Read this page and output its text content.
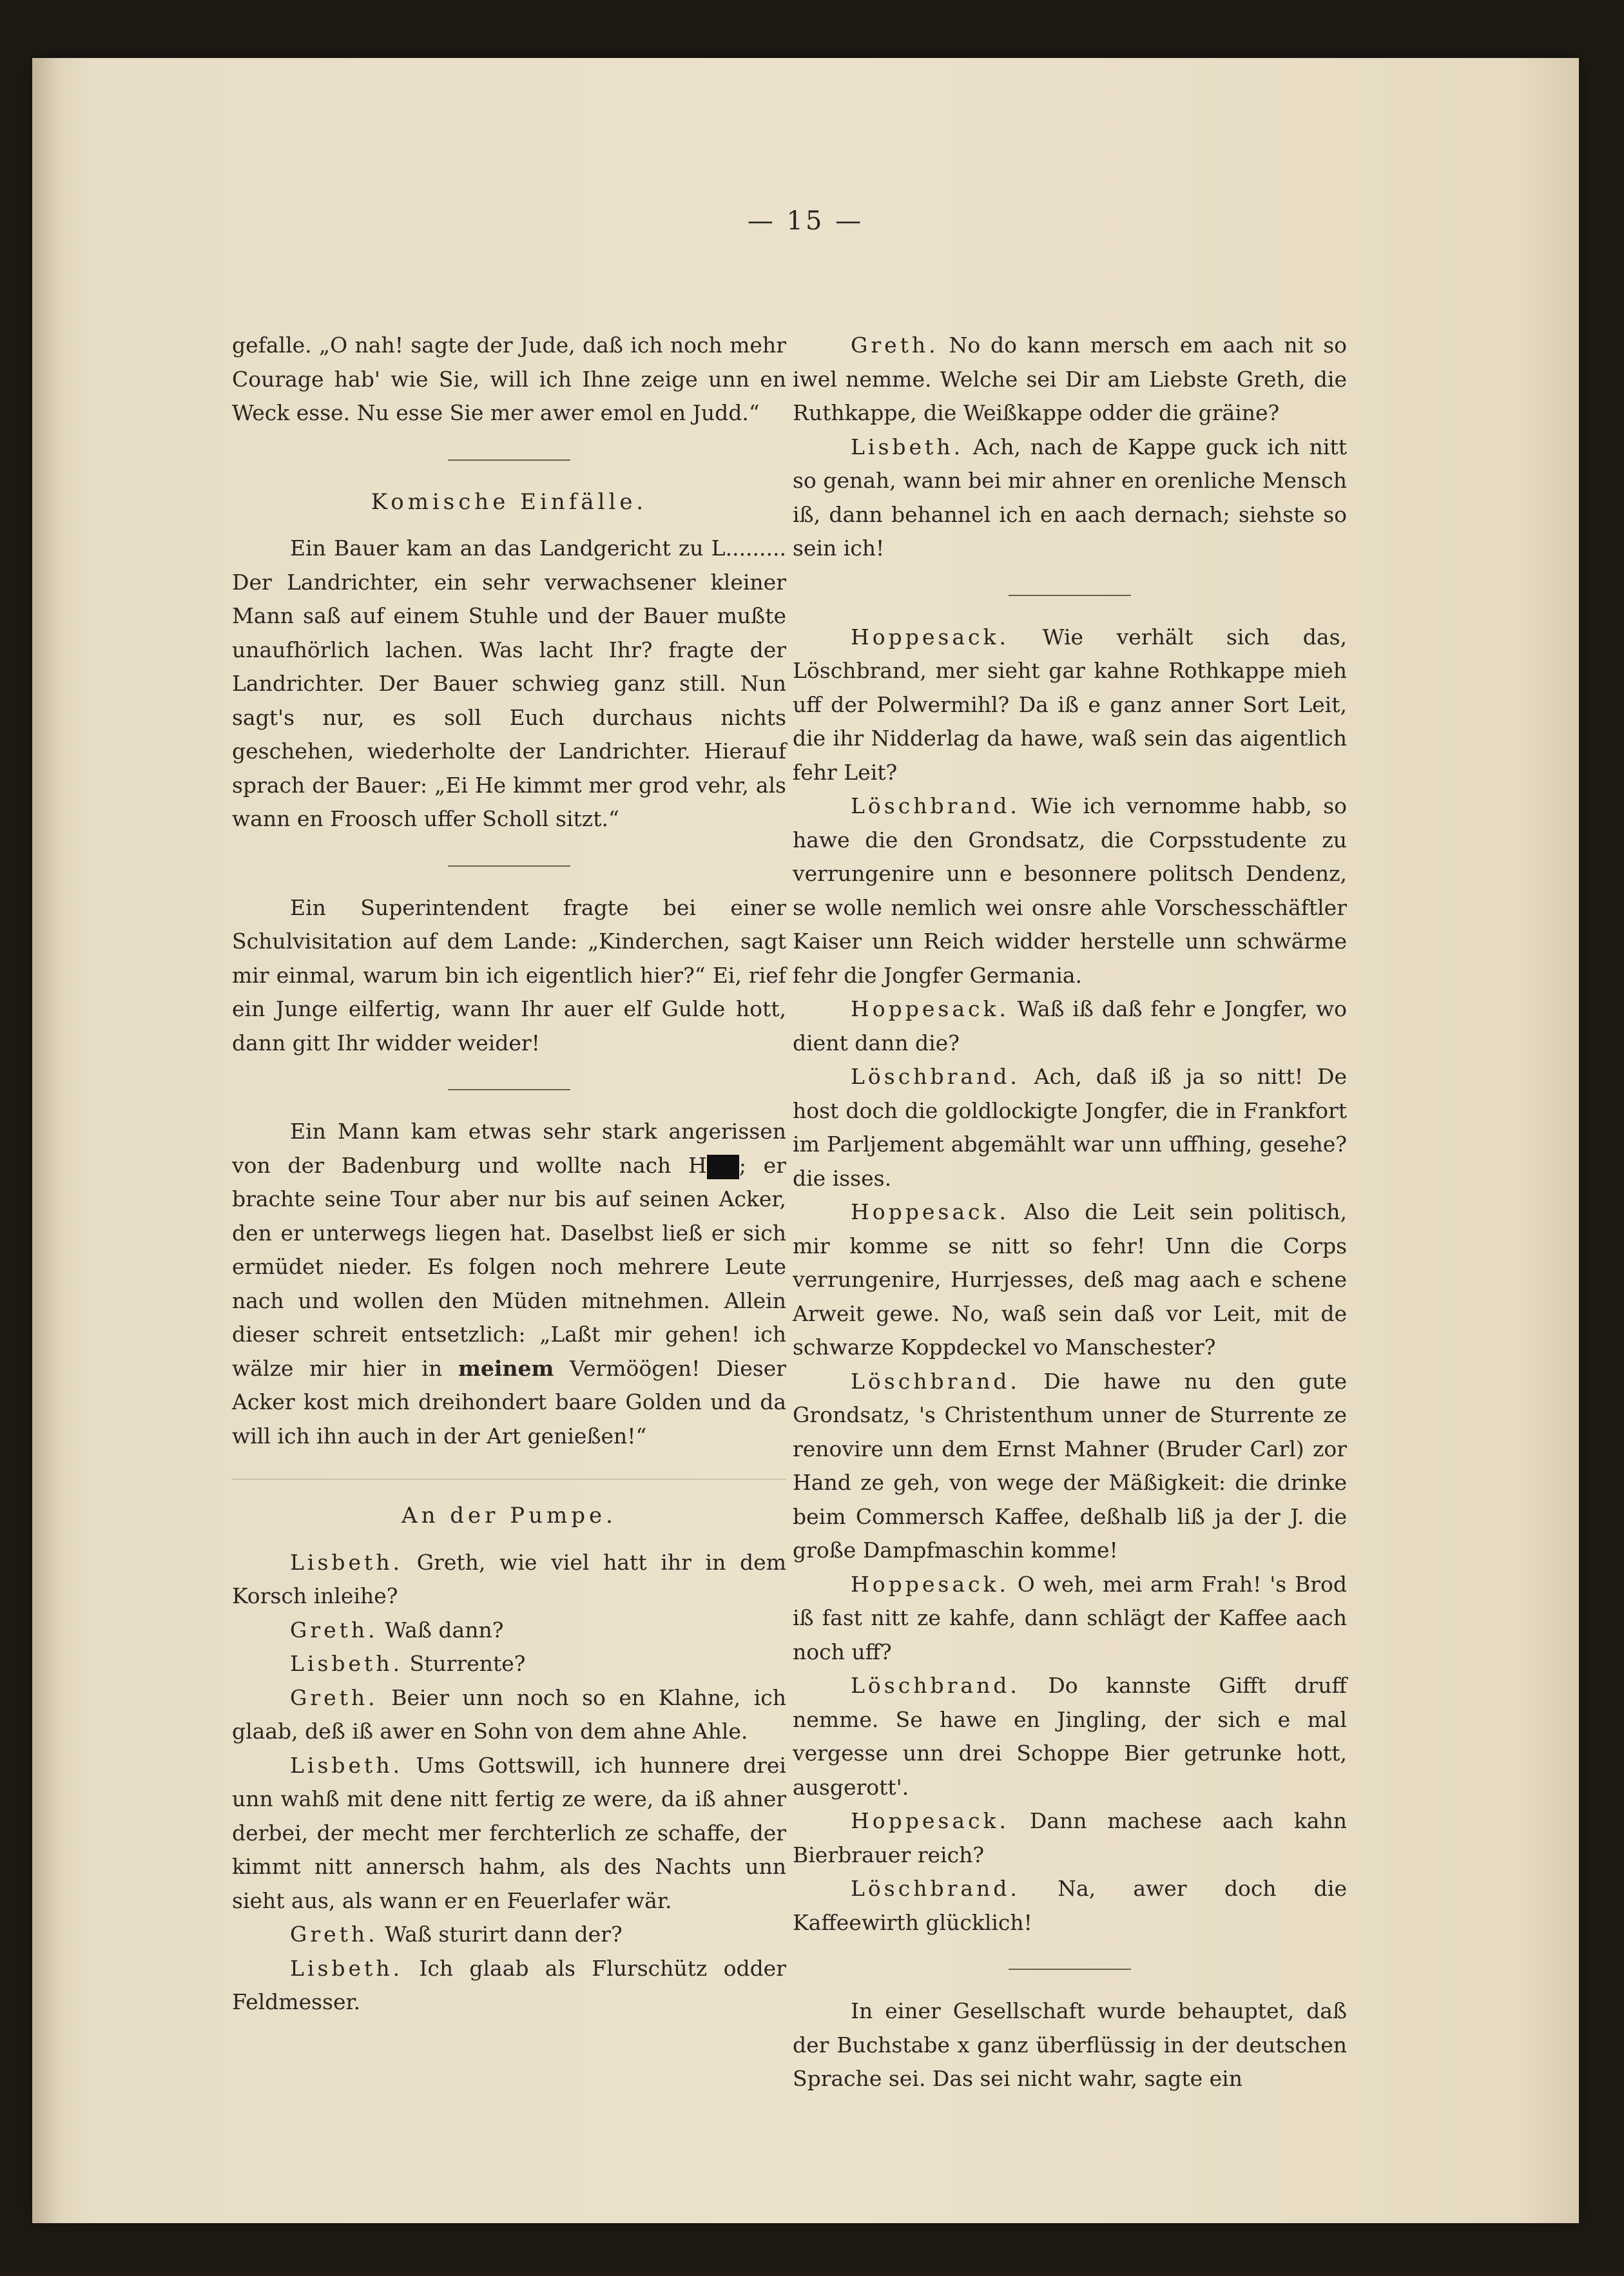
— 15 —

gefalle. „O nah! sagte der Jude, daß ich noch mehr Courage hab' wie Sie, will ich Ihne zeige unn en Weck esse. Nu esse Sie mer awer emol en Judd.“

Komische Einfälle.

Ein Bauer kam an das Landgericht zu L......... Der Landrichter, ein sehr verwachsener kleiner Mann saß auf einem Stuhle und der Bauer mußte unaufhörlich lachen. Was lacht Ihr? fragte der Landrichter. Der Bauer schwieg ganz still. Nun sagt's nur, es soll Euch durchaus nichts geschehen, wiederholte der Landrichter. Hierauf sprach der Bauer: „Ei He kimmt mer grod vehr, als wann en Froosch uffer Scholl sitzt.“

Ein Superintendent fragte bei einer Schulvisitation auf dem Lande: „Kinderchen, sagt mir einmal, warum bin ich eigentlich hier?“ Ei, rief ein Junge eilfertig, wann Ihr auer elf Gulde hott, dann gitt Ihr widder weider!

Ein Mann kam etwas sehr stark angerissen von der Badenburg und wollte nach H ; er brachte seine Tour aber nur bis auf seinen Acker, den er unterwegs liegen hat. Daselbst ließ er sich ermüdet nieder. Es folgen noch mehrere Leute nach und wollen den Müden mitnehmen. Allein dieser schreit entsetzlich: „Laßt mir gehen! ich wälze mir hier in meinem Vermöögen! Dieser Acker kost mich dreihondert baare Golden und da will ich ihn auch in der Art genießen!“

An der Pumpe.

Lisbeth. Greth, wie viel hatt ihr in dem Korsch inleihe?

Greth. Waß dann?

Lisbeth. Sturrente?

Greth. Beier unn noch so en Klahne, ich glaab, deß iß awer en Sohn von dem ahne Ahle.

Lisbeth. Ums Gottswill, ich hunnere drei unn wahß mit dene nitt fertig ze were, da iß ahner derbei, der mecht mer ferchterlich ze schaffe, der kimmt nitt annersch hahm, als des Nachts unn sieht aus, als wann er en Feuerlafer wär.

Greth. Waß sturirt dann der?

Lisbeth. Ich glaab als Flurschütz odder Feldmesser.

Greth. No do kann mersch em aach nit so iwel nemme. Welche sei Dir am Liebste Greth, die Ruthkappe, die Weißkappe odder die gräine?

Lisbeth. Ach, nach de Kappe guck ich nitt so genah, wann bei mir ahner en orenliche Mensch iß, dann behannel ich en aach dernach; siehste so sein ich!

Hoppesack. Wie verhält sich das, Löschbrand, mer sieht gar kahne Rothkappe mieh uff der Polwermihl? Da iß e ganz anner Sort Leit, die ihr Nidderlag da hawe, waß sein das aigentlich fehr Leit?

Löschbrand. Wie ich vernomme habb, so hawe die den Grondsatz, die Corpsstudente zu verrungenire unn e besonnere politsch Dendenz, se wolle nemlich wei onsre ahle Vorschesschäftler Kaiser unn Reich widder herstelle unn schwärme fehr die Jongfer Germania.

Hoppesack. Waß iß daß fehr e Jongfer, wo dient dann die?

Löschbrand. Ach, daß iß ja so nitt! De host doch die goldlockigte Jongfer, die in Frankfort im Parljement abgemählt war unn uffhing, gesehe? die isses.

Hoppesack. Also die Leit sein politisch, mir komme se nitt so fehr! Unn die Corps verrungenire, Hurrjesses, deß mag aach e schene Arweit gewe. No, waß sein daß vor Leit, mit de schwarze Koppdeckel vo Manschester?

Löschbrand. Die hawe nu den gute Grondsatz, 's Christenthum unner de Sturrente ze renovire unn dem Ernst Mahner (Bruder Carl) zor Hand ze geh, von wege der Mäßigkeit: die drinke beim Commersch Kaffee, deßhalb liß ja der J. die große Dampfmaschin komme!

Hoppesack. O weh, mei arm Frah! 's Brod iß fast nitt ze kahfe, dann schlägt der Kaffee aach noch uff?

Löschbrand. Do kannste Gifft druff nemme. Se hawe en Jingling, der sich e mal vergesse unn drei Schoppe Bier getrunke hott, ausgerott'.

Hoppesack. Dann machese aach kahn Bierbrauer reich?

Löschbrand. Na, awer doch die Kaffeewirth glücklich!

In einer Gesellschaft wurde behauptet, daß der Buchstabe x ganz überflüssig in der deutschen Sprache sei. Das sei nicht wahr, sagte ein
